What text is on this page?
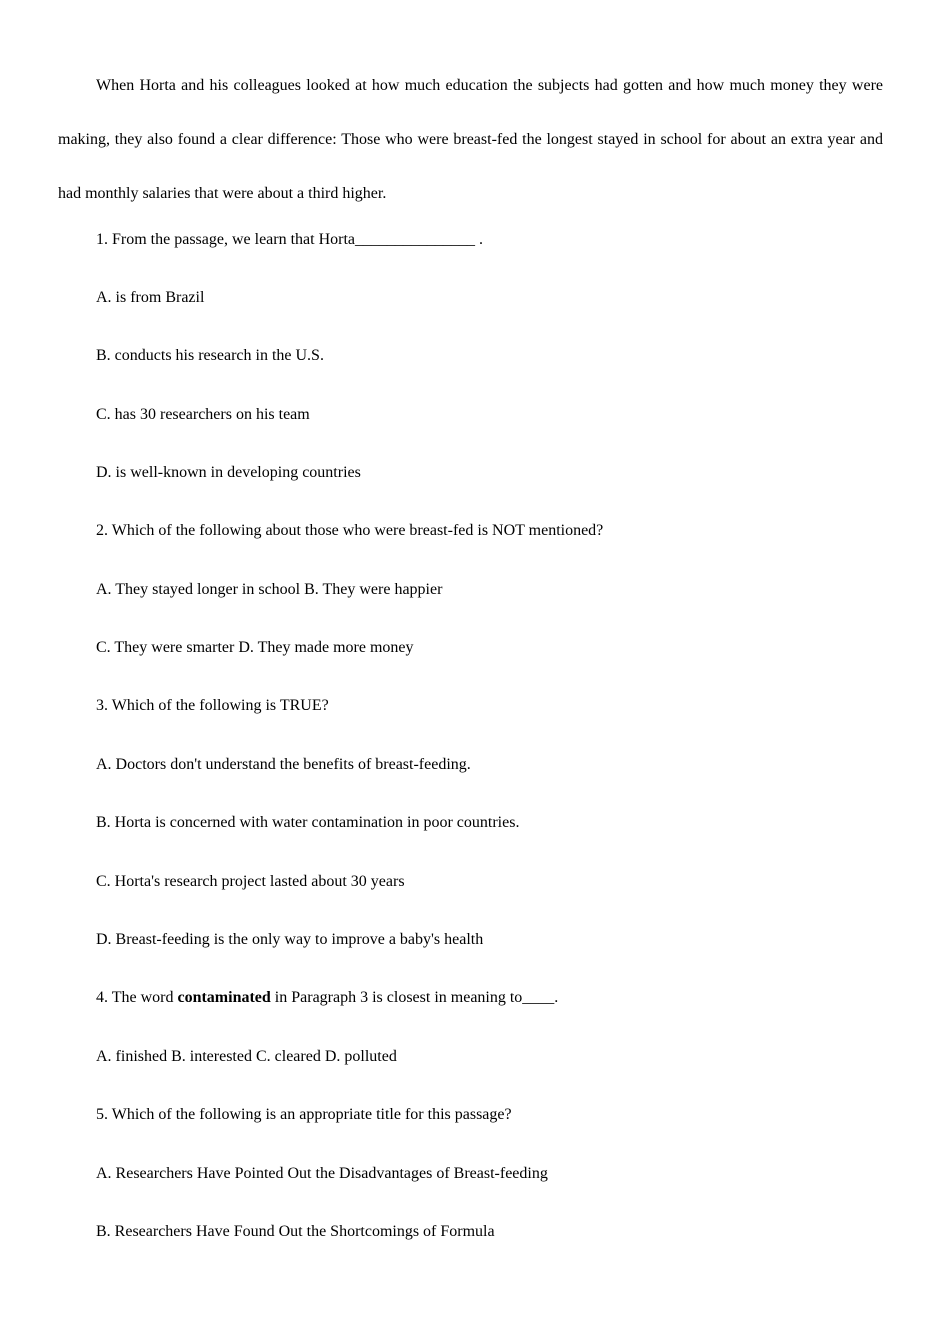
When Horta and his colleagues looked at how much education the subjects had gotten and how much money they were making, they also found a clear difference: Those who were breast-fed the longest stayed in school for about an extra year and had monthly salaries that were about a third higher.

1. From the passage, we learn that Horta_______________ .

A. is from Brazil

B. conducts his research in the U.S.

C. has 30 researchers on his team

D. is well-known in developing countries

2. Which of the following about those who were breast-fed is NOT mentioned?

A. They stayed longer in school B. They were happier

C. They were smarter D. They made more money

3. Which of the following is TRUE?

A. Doctors don't understand the benefits of breast-feeding.

B. Horta is concerned with water contamination in poor countries.

C. Horta's research project lasted about 30 years

D. Breast-feeding is the only way to improve a baby's health

4. The word contaminated in Paragraph 3 is closest in meaning to____.

A. finished B. interested C. cleared D. polluted

5. Which of the following is an appropriate title for this passage?

A. Researchers Have Pointed Out the Disadvantages of Breast-feeding

B. Researchers Have Found Out the Shortcomings of Formula
